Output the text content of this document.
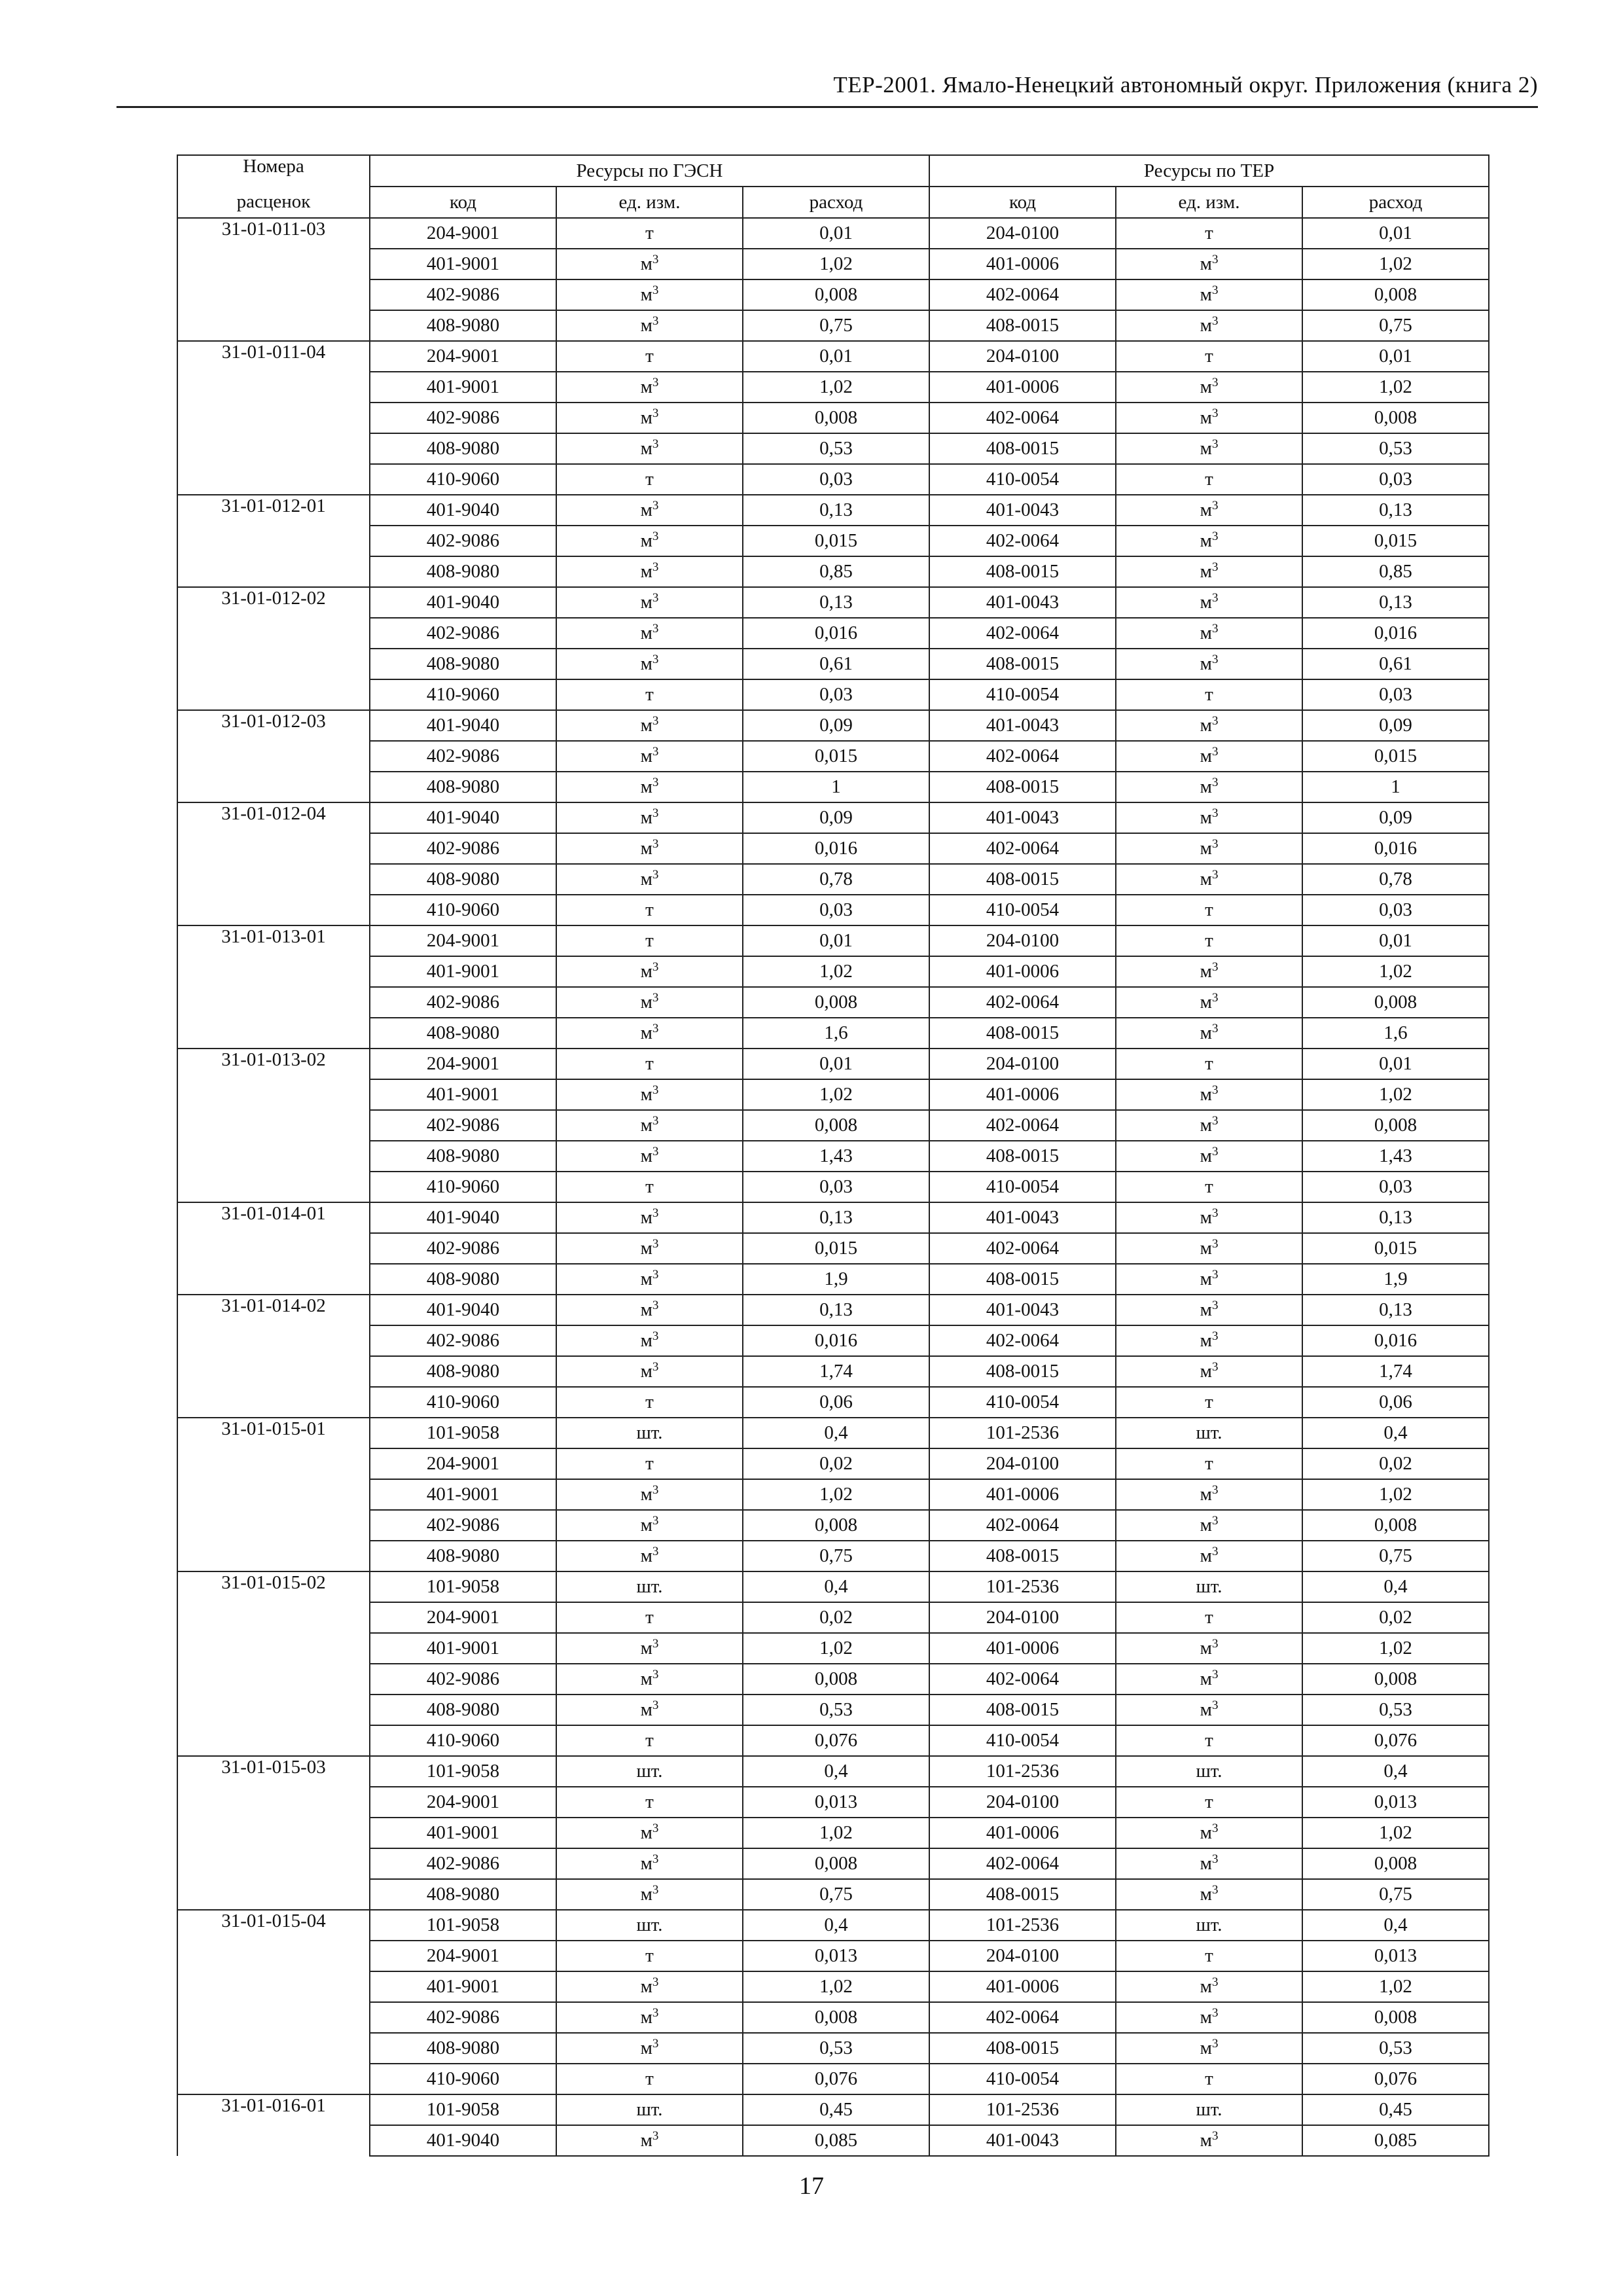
ТЕР-2001. Ямало-Ненецкий автономный округ. Приложения (книга 2)
Номера	Ресурсы по ГЭСН			Ресурсы по ТЕР		
расценок	код	ед. изм.	расход	код	ед. изм.	расход
31-01-011-03	204-9001	т	0,01	204-0100	т	0,01
	401-9001	$м^3$	1,02	401-0006	$м^3$	1,02
	402-9086	$м^3$	0,008	402-0064	$м^3$	0,008
	408-9080	$м^3$	0,75	408-0015	$м^3$	0,75
31-01-011-04	204-9001	т	0,01	204-0100	т	0,01
	401-9001	$м^3$	1,02	401-0006	$м^3$	1,02
	402-9086	$м^3$	0,008	402-0064	$м^3$	0,008
	408-9080	$м^3$	0,53	408-0015	$м^3$	0,53
	410-9060	т	0,03	410-0054	т	0,03
31-01-012-01	401-9040	$м^3$	0,13	401-0043	$м^3$	0,13
	402-9086	$м^3$	0,015	402-0064	$м^3$	0,015
	408-9080	$м^3$	0,85	408-0015	$м^3$	0,85
31-01-012-02	401-9040	$м^3$	0,13	401-0043	$м^3$	0,13
	402-9086	$м^3$	0,016	402-0064	$м^3$	0,016
	408-9080	$м^3$	0,61	408-0015	$м^3$	0,61
	410-9060	т	0,03	410-0054	т	0,03
31-01-012-03	401-9040	$м^3$	0,09	401-0043	$м^3$	0,09
	402-9086	$м^3$	0,015	402-0064	$м^3$	0,015
	408-9080	$м^3$	1	408-0015	$м^3$	1
31-01-012-04	401-9040	$м^3$	0,09	401-0043	$м^3$	0,09
	402-9086	$м^3$	0,016	402-0064	$м^3$	0,016
	408-9080	$м^3$	0,78	408-0015	$м^3$	0,78
	410-9060	т	0,03	410-0054	т	0,03
31-01-013-01	204-9001	т	0,01	204-0100	т	0,01
	401-9001	$м^3$	1,02	401-0006	$м^3$	1,02
	402-9086	$м^3$	0,008	402-0064	$м^3$	0,008
	408-9080	$м^3$	1,6	408-0015	$м^3$	1,6
31-01-013-02	204-9001	т	0,01	204-0100	т	0,01
	401-9001	$м^3$	1,02	401-0006	$м^3$	1,02
	402-9086	$м^3$	0,008	402-0064	$м^3$	0,008
	408-9080	$м^3$	1,43	408-0015	$м^3$	1,43
	410-9060	т	0,03	410-0054	т	0,03
31-01-014-01	401-9040	$м^3$	0,13	401-0043	$м^3$	0,13
	402-9086	$м^3$	0,015	402-0064	$м^3$	0,015
	408-9080	$м^3$	1,9	408-0015	$м^3$	1,9
31-01-014-02	401-9040	$м^3$	0,13	401-0043	$м^3$	0,13
	402-9086	$м^3$	0,016	402-0064	$м^3$	0,016
	408-9080	$м^3$	1,74	408-0015	$м^3$	1,74
	410-9060	т	0,06	410-0054	т	0,06
31-01-015-01	101-9058	шт.	0,4	101-2536	шт.	0,4
	204-9001	т	0,02	204-0100	т	0,02
	401-9001	$м^3$	1,02	401-0006	$м^3$	1,02
	402-9086	$м^3$	0,008	402-0064	$м^3$	0,008
	408-9080	$м^3$	0,75	408-0015	$м^3$	0,75
31-01-015-02	101-9058	шт.	0,4	101-2536	шт.	0,4
	204-9001	т	0,02	204-0100	т	0,02
	401-9001	$м^3$	1,02	401-0006	$м^3$	1,02
	402-9086	$м^3$	0,008	402-0064	$м^3$	0,008
	408-9080	$м^3$	0,53	408-0015	$м^3$	0,53
	410-9060	т	0,076	410-0054	т	0,076
31-01-015-03	101-9058	шт.	0,4	101-2536	шт.	0,4
	204-9001	т	0,013	204-0100	т	0,013
	401-9001	$м^3$	1,02	401-0006	$м^3$	1,02
	402-9086	$м^3$	0,008	402-0064	$м^3$	0,008
	408-9080	$м^3$	0,75	408-0015	$м^3$	0,75
31-01-015-04	101-9058	шт.	0,4	101-2536	шт.	0,4
	204-9001	т	0,013	204-0100	т	0,013
	401-9001	$м^3$	1,02	401-0006	$м^3$	1,02
	402-9086	$м^3$	0,008	402-0064	$м^3$	0,008
	408-9080	$м^3$	0,53	408-0015	$м^3$	0,53
	410-9060	т	0,076	410-0054	т	0,076
31-01-016-01	101-9058	шт.	0,45	101-2536	шт.	0,45
	401-9040	$м^3$	0,085	401-0043	$м^3$	0,085
17
